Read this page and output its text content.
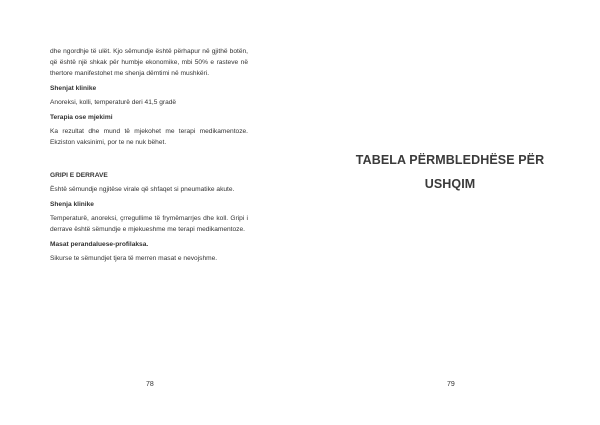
dhe ngordhje të ulët. Kjo sëmundje është përhapur në gjithë botën, që është një shkak për humbje ekonomike, mbi 50% e rasteve në thertore manifestohet me shenja dëmtimi në mushkëri.

Shenjat klinike

Anoreksi, kolli, temperaturë deri 41,5 gradë

Terapia ose mjekimi

Ka rezultat dhe mund të mjekohet me terapi medikamentoze. Ekziston vaksinimi, por te ne nuk bëhet.

GRIPI E DERRAVE

Është sëmundje ngjitëse virale që shfaqet si pneumatike akute.

Shenja klinike

Temperaturë, anoreksi, çrregullime të frymëmarrjes dhe koll. Gripi i derrave është sëmundje e mjekueshme me terapi medikamentoze.

Masat perandaluese-profilaksa.

Sikurse te sëmundjet tjera të merren masat e nevojshme.

78
TABELA PËRMBLEDHËSE PËR
USHQIM
79
